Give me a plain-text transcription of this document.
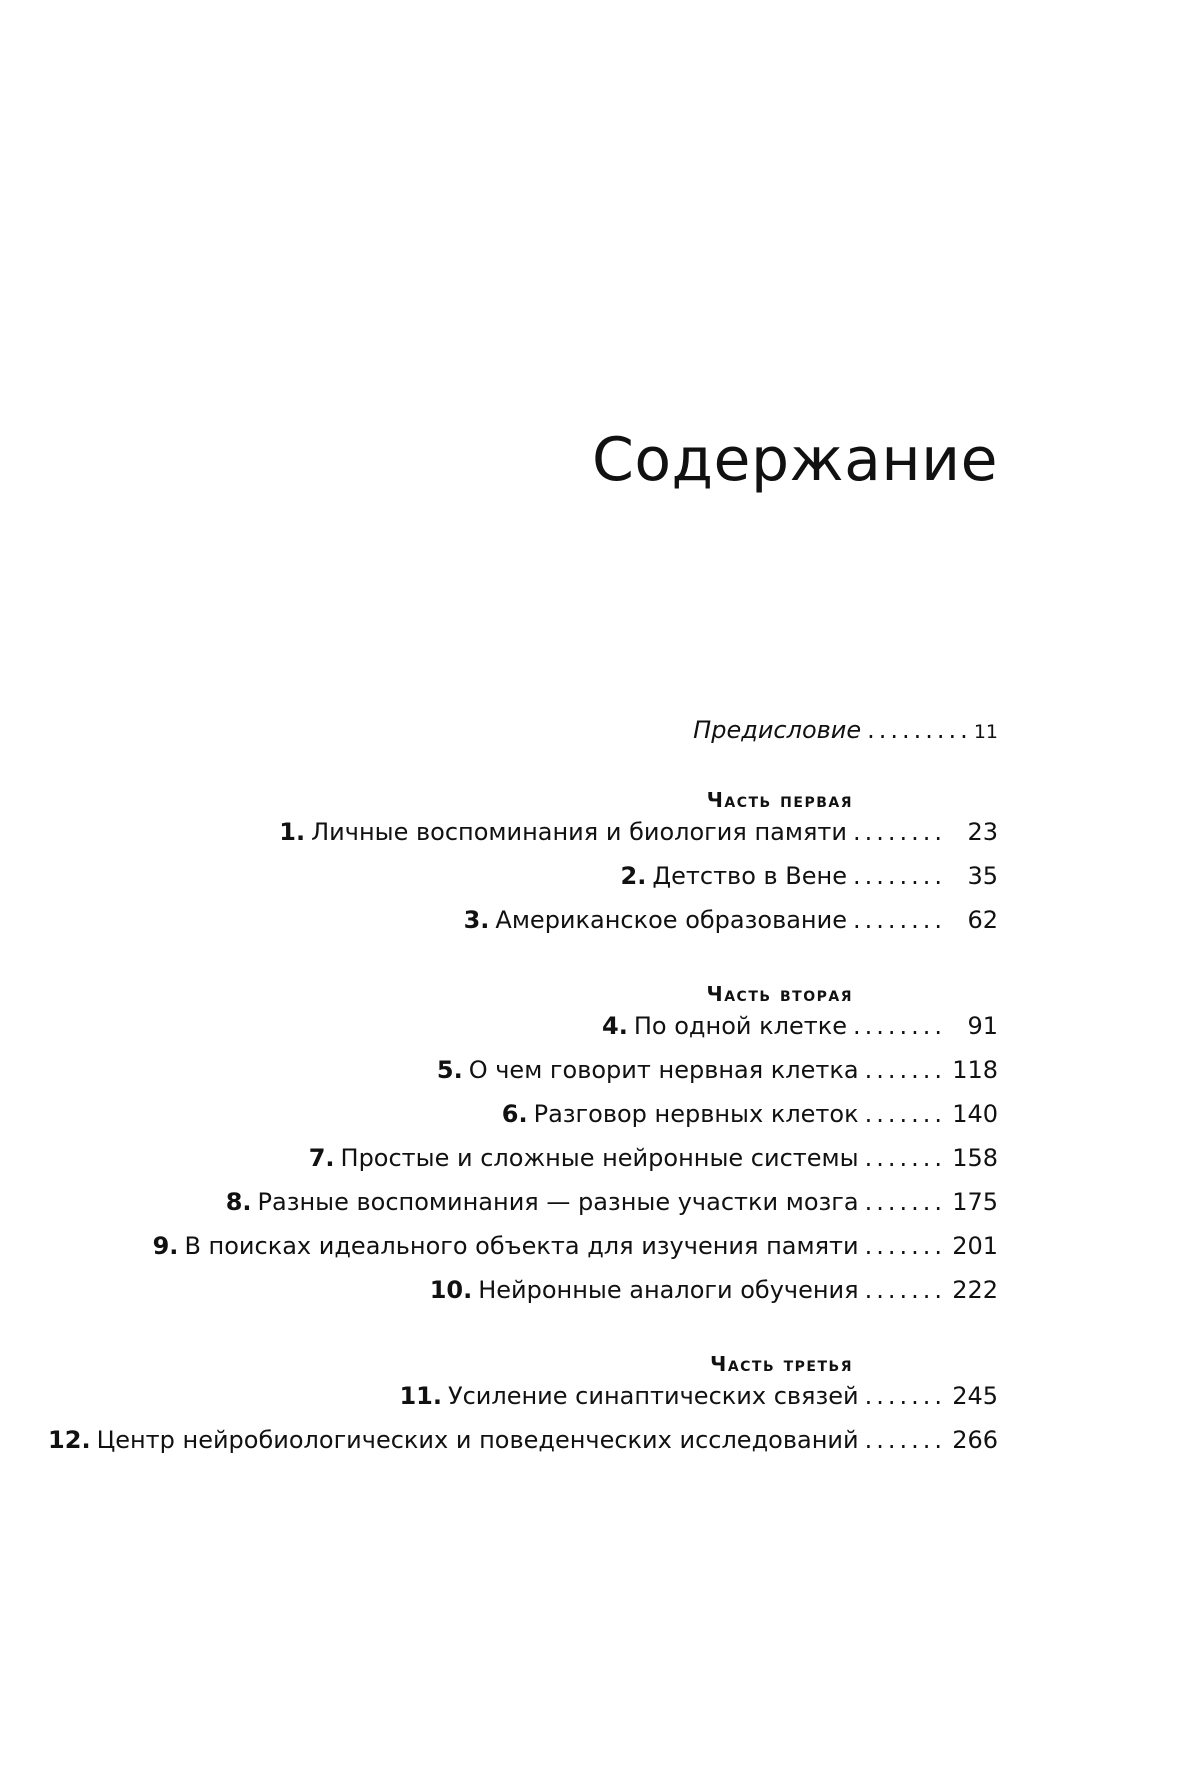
Содержание
Предисловие ......... 11
Часть первая
1. Личные воспоминания и биология памяти ........ 23
2. Детство в Вене ........ 35
3. Американское образование ........ 62
Часть вторая
4. По одной клетке ........ 91
5. О чем говорит нервная клетка ....... 118
6. Разговор нервных клеток ....... 140
7. Простые и сложные нейронные системы ....... 158
8. Разные воспоминания — разные участки мозга ....... 175
9. В поисках идеального объекта для изучения памяти ....... 201
10. Нейронные аналоги обучения ....... 222
Часть третья
11. Усиление синаптических связей ....... 245
12. Центр нейробиологических и поведенческих исследований ....... 266
